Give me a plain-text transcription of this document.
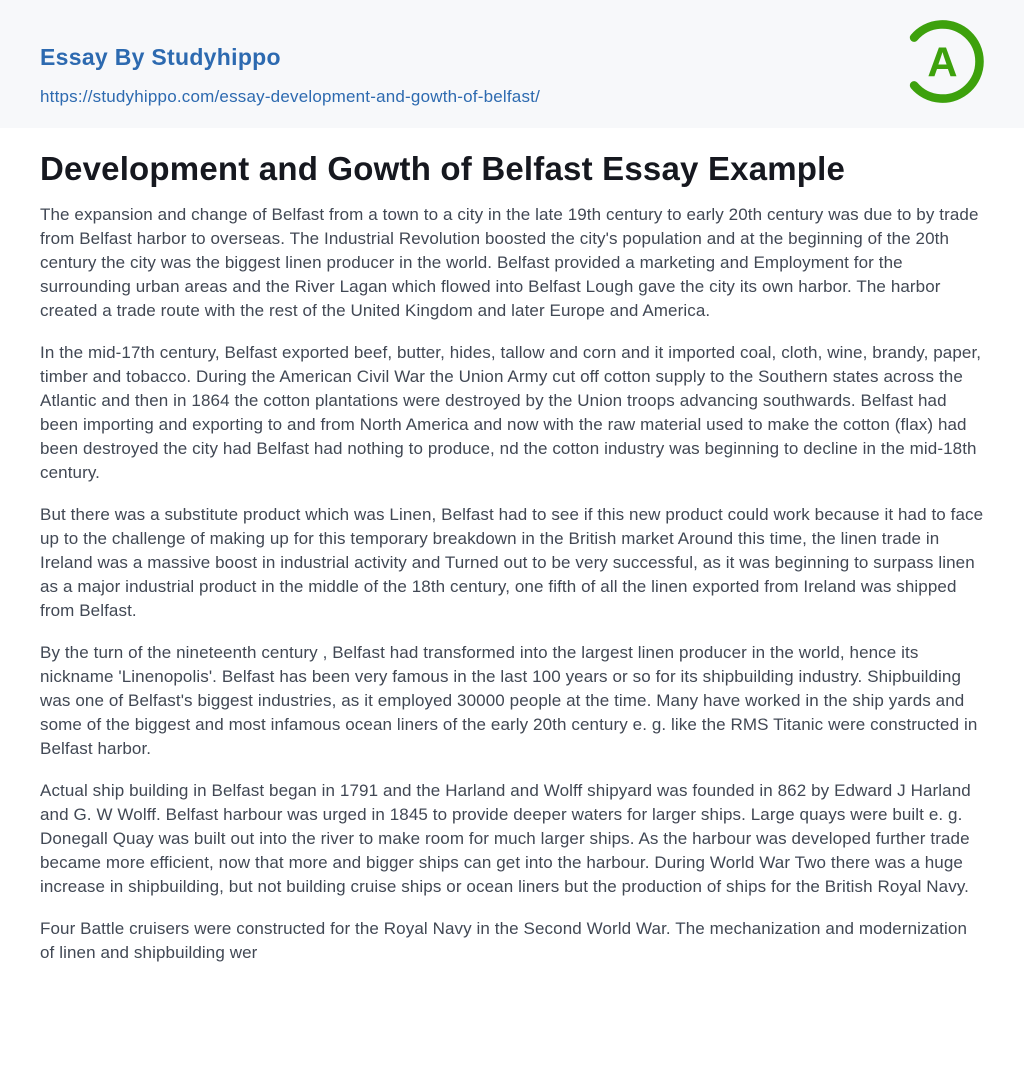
Essay By Studyhippo
https://studyhippo.com/essay-development-and-gowth-of-belfast/
A
Development and Gowth of Belfast Essay Example

The expansion and change of Belfast from a town to a city in the late 19th century to early 20th century was due to by trade from Belfast harbor to overseas. The Industrial Revolution boosted the city's population and at the beginning of the 20th century the city was the biggest linen producer in the world. Belfast provided a marketing and Employment for the surrounding urban areas and the River Lagan which flowed into Belfast Lough gave the city its own harbor. The harbor created a trade route with the rest of the United Kingdom and later Europe and America.

In the mid-17th century, Belfast exported beef, butter, hides, tallow and corn and it imported coal, cloth, wine, brandy, paper, timber and tobacco. During the American Civil War the Union Army cut off cotton supply to the Southern states across the Atlantic and then in 1864 the cotton plantations were destroyed by the Union troops advancing southwards. Belfast had been importing and exporting to and from North America and now with the raw material used to make the cotton (flax) had been destroyed the city had Belfast had nothing to produce, nd the cotton industry was beginning to decline in the mid-18th century.

But there was a substitute product which was Linen, Belfast had to see if this new product could work because it had to face up to the challenge of making up for this temporary breakdown in the British market Around this time, the linen trade in Ireland was a massive boost in industrial activity and Turned out to be very successful, as it was beginning to surpass linen as a major industrial product in the middle of the 18th century, one fifth of all the linen exported from Ireland was shipped from Belfast.

By the turn of the nineteenth century , Belfast had transformed into the largest linen producer in the world, hence its nickname 'Linenopolis'. Belfast has been very famous in the last 100 years or so for its shipbuilding industry. Shipbuilding was one of Belfast's biggest industries, as it employed 30000 people at the time. Many have worked in the ship yards and some of the biggest and most infamous ocean liners of the early 20th century e. g. like the RMS Titanic were constructed in Belfast harbor.

Actual ship building in Belfast began in 1791 and the Harland and Wolff shipyard was founded in 862 by Edward J Harland and G. W Wolff. Belfast harbour was urged in 1845 to provide deeper waters for larger ships. Large quays were built e. g. Donegall Quay was built out into the river to make room for much larger ships. As the harbour was developed further trade became more efficient, now that more and bigger ships can get into the harbour. During World War Two there was a huge increase in shipbuilding, but not building cruise ships or ocean liners but the production of ships for the British Royal Navy.

Four Battle cruisers were constructed for the Royal Navy in the Second World War. The mechanization and modernization of linen and shipbuilding wer
